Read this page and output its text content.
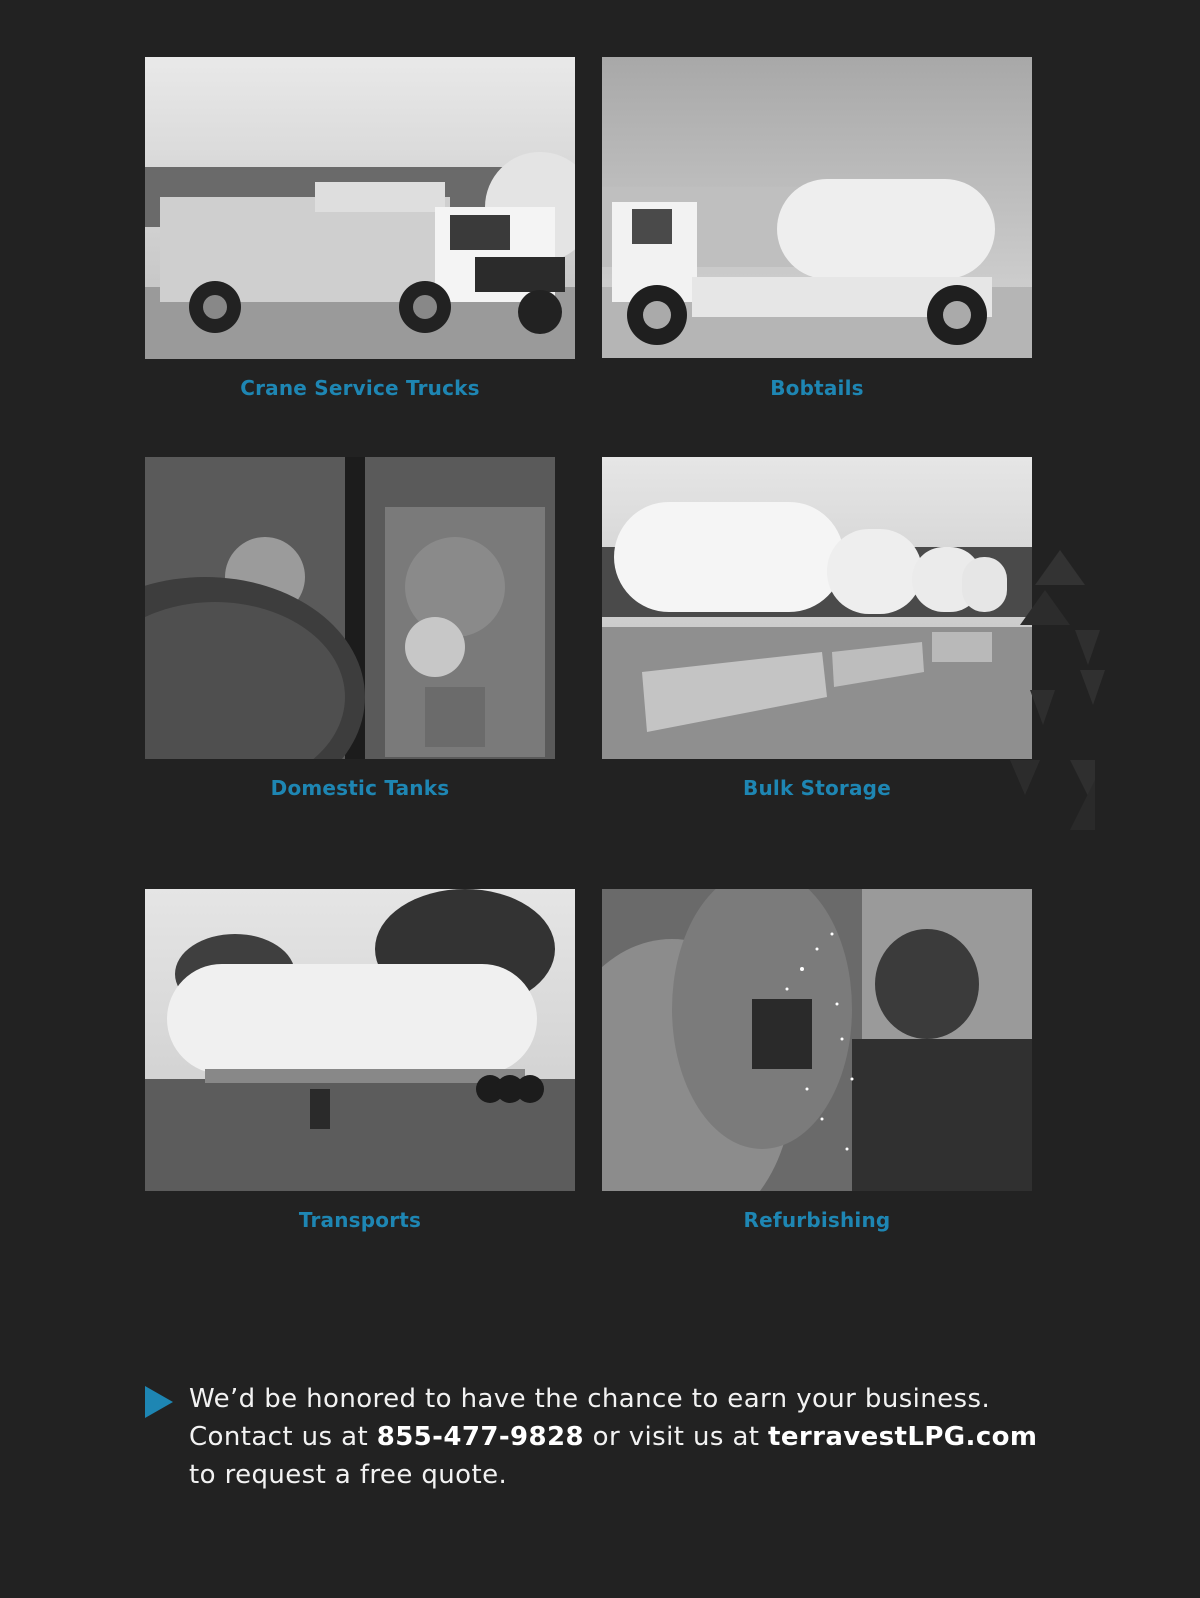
Crane Service Trucks	Bobtails
Domestic Tanks	Bulk Storage
Transports	Refurbishing
We’d be honored to have the chance to earn your business.
Contact us at 855-477-9828 or visit us at terravestLPG.com
to request a free quote.
